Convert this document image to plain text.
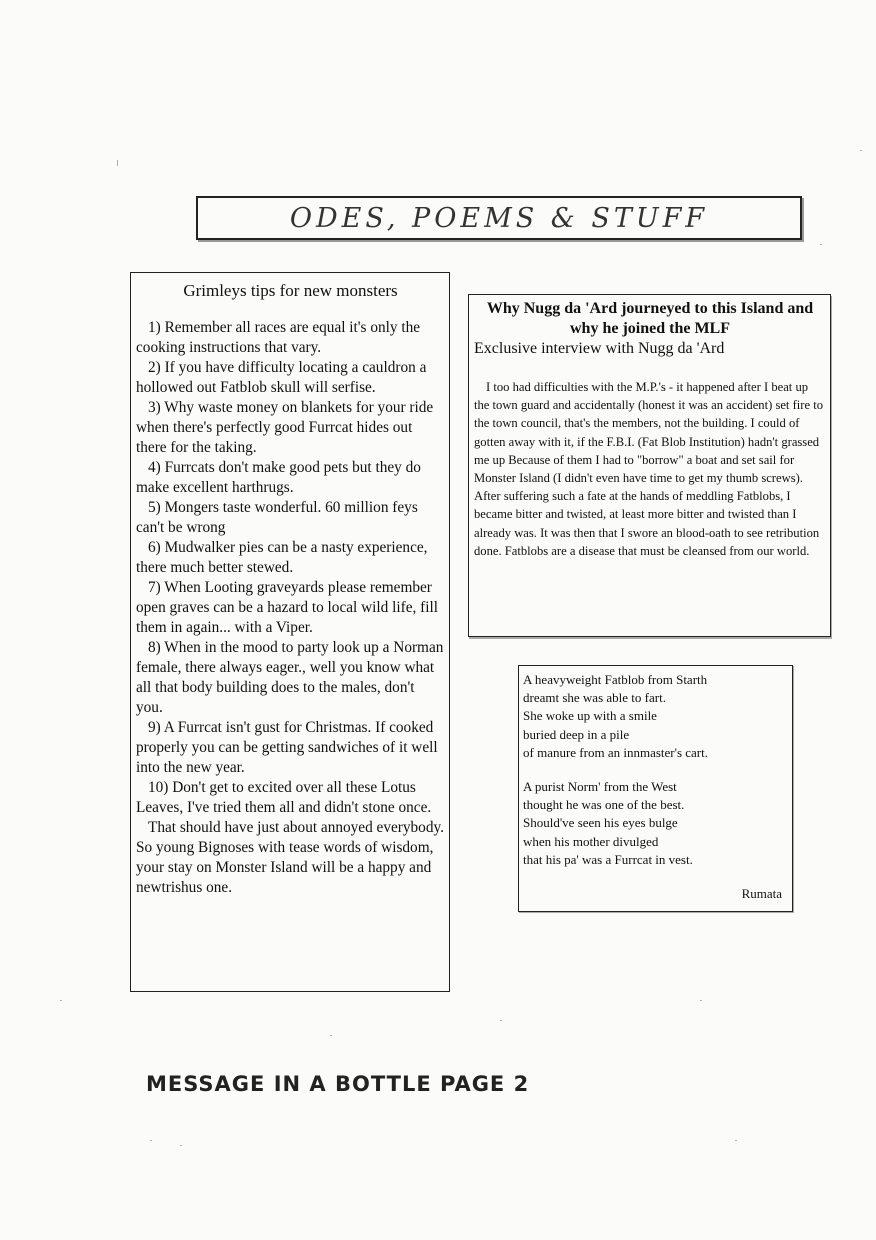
ODES, POEMS & STUFF
Grimleys tips for new monsters

1) Remember all races are equal it's only the cooking instructions that vary.

2) If you have difficulty locating a cauldron a hollowed out Fatblob skull will serfise.

3) Why waste money on blankets for your ride when there's perfectly good Furrcat hides out there for the taking.

4) Furrcats don't make good pets but they do make excellent harthrugs.

5) Mongers taste wonderful. 60 million feys can't be wrong

6) Mudwalker pies can be a nasty experience, there much better stewed.

7) When Looting graveyards please remember open graves can be a hazard to local wild life, fill them in again... with a Viper.

8) When in the mood to party look up a Norman female, there always eager., well you know what all that body building does to the males, don't you.

9) A Furrcat isn't gust for Christmas. If cooked properly you can be getting sandwiches of it well into the new year.

10) Don't get to excited over all these Lotus Leaves, I've tried them all and didn't stone once.

That should have just about annoyed everybody. So young Bignoses with tease words of wisdom, your stay on Monster Island will be a happy and newtrishus one.

Why Nugg da 'Ard journeyed to this Island and why he joined the MLF

Exclusive interview with Nugg da 'Ard

I too had difficulties with the M.P.'s - it happened after I beat up the town guard and accidentally (honest it was an accident) set fire to the town council, that's the members, not the building. I could of gotten away with it, if the F.B.I. (Fat Blob Institution) hadn't grassed me up Because of them I had to "borrow" a boat and set sail for Monster Island (I didn't even have time to get my thumb screws). After suffering such a fate at the hands of meddling Fatblobs, I became bitter and twisted, at least more bitter and twisted than I already was. It was then that I swore an blood-oath to see retribution done. Fatblobs are a disease that must be cleansed from our world.

A heavyweight Fatblob from Starth
dreamt she was able to fart.
She woke up with a smile
buried deep in a pile
of manure from an innmaster's cart.
A purist Norm' from the West
thought he was one of the best.
Should've seen his eyes bulge
when his mother divulged
that his pa' was a Furrcat in vest.
Rumata
MESSAGE IN A BOTTLE PAGE 2
